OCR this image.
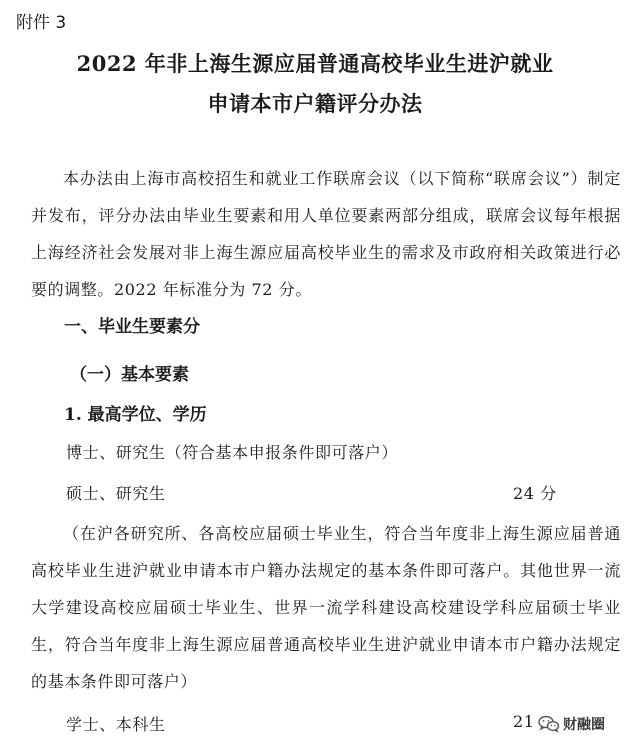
附件 3
2022 年非上海生源应届普通高校毕业生进沪就业
申请本市户籍评分办法
本办法由上海市高校招生和就业工作联席会议（以下简称“联席会议”）制定并发布，评分办法由毕业生要素和用人单位要素两部分组成，联席会议每年根据上海经济社会发展对非上海生源应届高校毕业生的需求及市政府相关政策进行必要的调整。2022 年标准分为 72 分。
一、毕业生要素分
（一）基本要素
1. 最高学位、学历
博士、研究生（符合基本申报条件即可落户）
硕士、研究生	24 分
（在沪各研究所、各高校应届硕士毕业生，符合当年度非上海生源应届普通高校毕业生进沪就业申请本市户籍办法规定的基本条件即可落户。其他世界一流大学建设高校应届硕士毕业生、世界一流学科建设高校建设学科应届硕士毕业生，符合当年度非上海生源应届普通高校毕业生进沪就业申请本市户籍办法规定的基本条件即可落户）
学士、本科生	21 财融圈
